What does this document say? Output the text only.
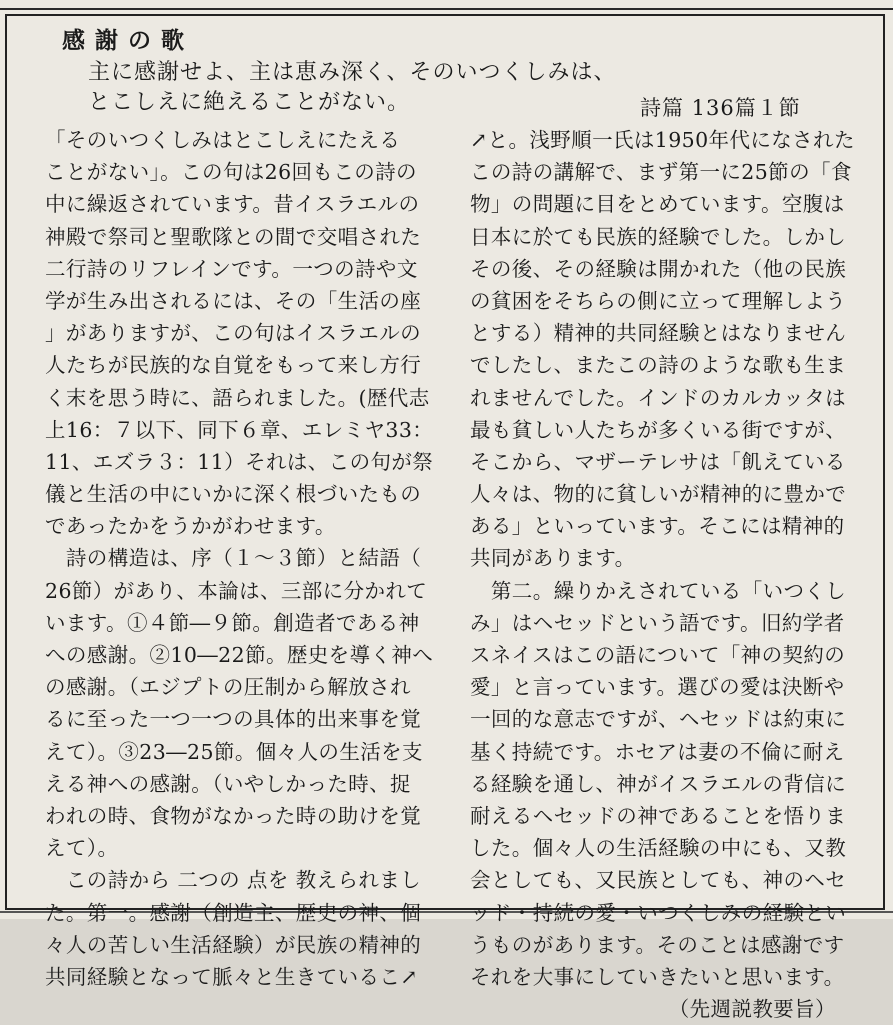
感謝の歌
主に感謝せよ、主は恵み深く、そのいつくしみは、
とこしえに絶えることがない。	詩篇 136篇１節
「そのいつくしみはとこしえにたえる
ことがない」。この句は26回もこの詩の
中に繰返されています。昔イスラエルの
神殿で祭司と聖歌隊との間で交唱された
二行詩のリフレインです。一つの詩や文
学が生み出されるには、その「生活の座
」がありますが、この句はイスラエルの
人たちが民族的な自覚をもって来し方行
く末を思う時に、語られました。(歴代志
上16：７以下、同下６章、エレミヤ33：
11、エズラ３：11）それは、この句が祭
儀と生活の中にいかに深く根づいたもの
であったかをうかがわせます。
　詩の構造は、序（１～３節）と結語（
26節）があり、本論は、三部に分かれて
います。①４節―９節。創造者である神
への感謝。②10―22節。歴史を導く神へ
の感謝。（エジプトの圧制から解放され
るに至った一つ一つの具体的出来事を覚
えて）。③23―25節。個々人の生活を支
える神への感謝。（いやしかった時、捉
われの時、食物がなかった時の助けを覚
えて）。
　この詩から 二つの 点を 教えられまし
た。第一。感謝（創造主、歴史の神、個
々人の苦しい生活経験）が民族の精神的
共同経験となって脈々と生きているこ↗
↗と。浅野順一氏は1950年代になされた
この詩の講解で、まず第一に25節の「食
物」の問題に目をとめています。空腹は
日本に於ても民族的経験でした。しかし
その後、その経験は開かれた（他の民族
の貧困をそちらの側に立って理解しよう
とする）精神的共同経験とはなりません
でしたし、またこの詩のような歌も生ま
れませんでした。インドのカルカッタは
最も貧しい人たちが多くいる街ですが、
そこから、マザーテレサは「飢えている
人々は、物的に貧しいが精神的に豊かで
ある」といっています。そこには精神的
共同があります。
　第二。繰りかえされている「いつくし
み」はヘセッドという語です。旧約学者
スネイスはこの語について「神の契約の
愛」と言っています。選びの愛は決断や
一回的な意志ですが、ヘセッドは約束に
基く持続です。ホセアは妻の不倫に耐え
る経験を通し、神がイスラエルの背信に
耐えるヘセッドの神であることを悟りま
した。個々人の生活経験の中にも、又教
会としても、又民族としても、神のヘセ
ッド・持続の愛・いつくしみの経験とい
うものがあります。そのことは感謝です
それを大事にしていきたいと思います。
　　　　　　　　　　（先週説教要旨）
